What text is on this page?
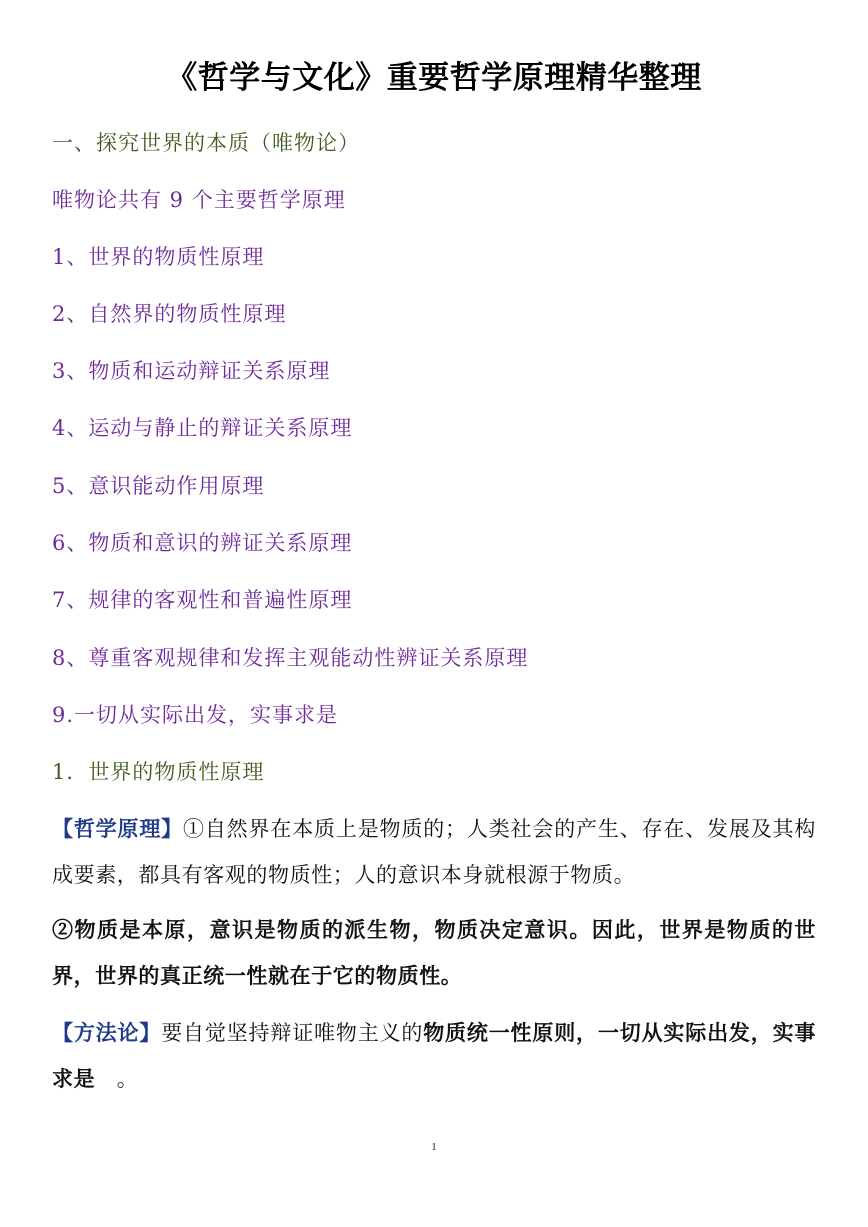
《哲学与文化》重要哲学原理精华整理
一、探究世界的本质（唯物论）
唯物论共有 9 个主要哲学原理
1、世界的物质性原理
2、自然界的物质性原理
3、物质和运动辩证关系原理
4、运动与静止的辩证关系原理
5、意识能动作用原理
6、物质和意识的辨证关系原理
7、规律的客观性和普遍性原理
8、尊重客观规律和发挥主观能动性辨证关系原理
9.一切从实际出发，实事求是
1．世界的物质性原理
【哲学原理】①自然界在本质上是物质的；人类社会的产生、存在、发展及其构成要素，都具有客观的物质性；人的意识本身就根源于物质。
②物质是本原，意识是物质的派生物，物质决定意识。因此，世界是物质的世界，世界的真正统一性就在于它的物质性。
【方法论】要自觉坚持辩证唯物主义的物质统一性原则，一切从实际出发，实事求是　。
1
